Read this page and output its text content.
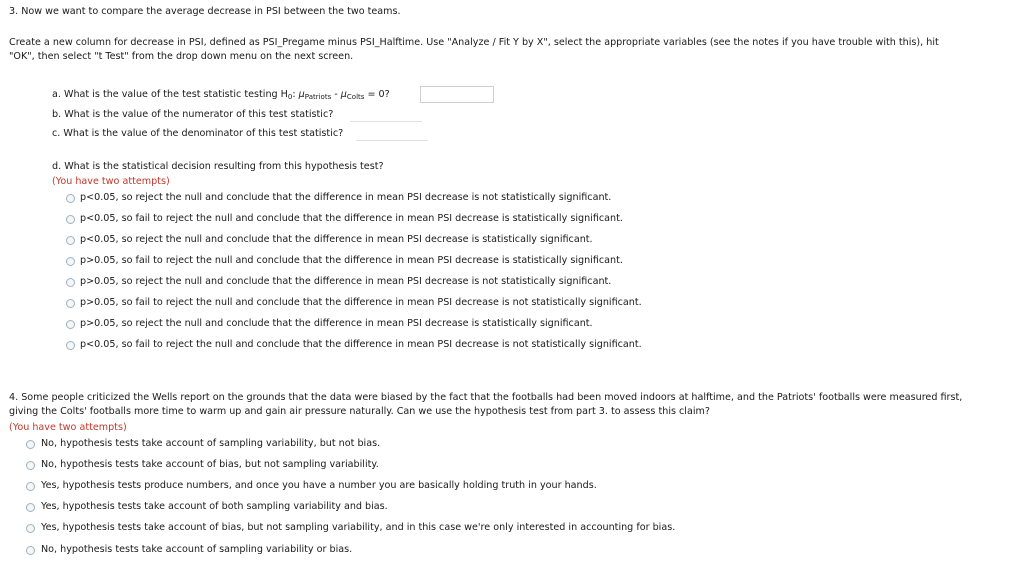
3. Now we want to compare the average decrease in PSI between the two teams.
Create a new column for decrease in PSI, defined as PSI_Pregame minus PSI_Halftime. Use "Analyze / Fit Y by X", select the appropriate variables (see the notes if you have trouble with this), hit
"OK", then select "t Test" from the drop down menu on the next screen.
a. What is the value of the test statistic testing $H_0$: $\mu_{Patriots} - \mu_{Colts} = 0$?
b. What is the value of the numerator of this test statistic?
c. What is the value of the denominator of this test statistic?
d. What is the statistical decision resulting from this hypothesis test?
(You have two attempts)
p<0.05, so reject the null and conclude that the difference in mean PSI decrease is not statistically significant.
p<0.05, so fail to reject the null and conclude that the difference in mean PSI decrease is statistically significant.
p<0.05, so reject the null and conclude that the difference in mean PSI decrease is statistically significant.
p>0.05, so fail to reject the null and conclude that the difference in mean PSI decrease is statistically significant.
p>0.05, so reject the null and conclude that the difference in mean PSI decrease is not statistically significant.
p>0.05, so fail to reject the null and conclude that the difference in mean PSI decrease is not statistically significant.
p>0.05, so reject the null and conclude that the difference in mean PSI decrease is statistically significant.
p<0.05, so fail to reject the null and conclude that the difference in mean PSI decrease is not statistically significant.
4. Some people criticized the Wells report on the grounds that the data were biased by the fact that the footballs had been moved indoors at halftime, and the Patriots' footballs were measured first,
giving the Colts' footballs more time to warm up and gain air pressure naturally. Can we use the hypothesis test from part 3. to assess this claim?
(You have two attempts)
No, hypothesis tests take account of sampling variability, but not bias.
No, hypothesis tests take account of bias, but not sampling variability.
Yes, hypothesis tests produce numbers, and once you have a number you are basically holding truth in your hands.
Yes, hypothesis tests take account of both sampling variability and bias.
Yes, hypothesis tests take account of bias, but not sampling variability, and in this case we're only interested in accounting for bias.
No, hypothesis tests take account of sampling variability or bias.
